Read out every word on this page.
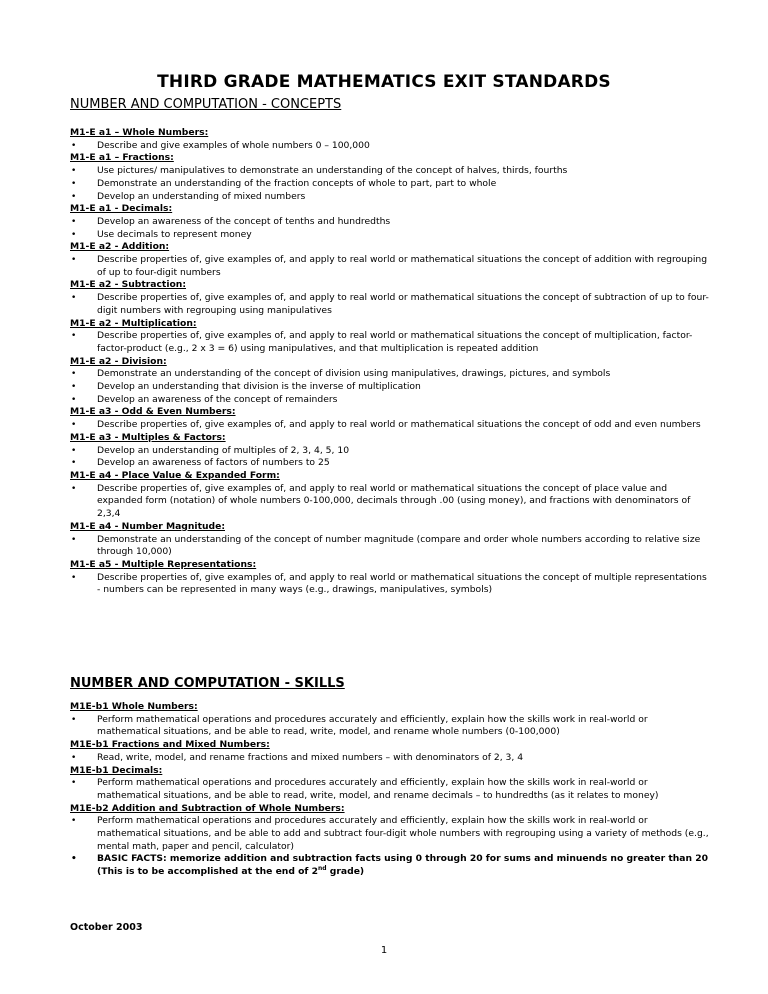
THIRD GRADE MATHEMATICS EXIT STANDARDS
NUMBER AND COMPUTATION - CONCEPTS
M1-E a1 – Whole Numbers:
• Describe and give examples of whole numbers 0 – 100,000
M1-E a1 – Fractions:
• Use pictures/ manipulatives to demonstrate an understanding of the concept of halves, thirds, fourths
• Demonstrate an understanding of the fraction concepts of whole to part, part to whole
• Develop an understanding of mixed numbers
M1-E a1 - Decimals:
• Develop an awareness of the concept of tenths and hundredths
• Use decimals to represent money
M1-E a2 - Addition:
• Describe properties of, give examples of, and apply to real world or mathematical situations the concept of addition with regrouping of up to four-digit numbers
M1-E a2 - Subtraction:
• Describe properties of, give examples of, and apply to real world or mathematical situations the concept of subtraction of up to four-digit numbers with regrouping using manipulatives
M1-E a2 - Multiplication:
• Describe properties of, give examples of, and apply to real world or mathematical situations the concept of multiplication, factor-factor-product (e.g., 2 x 3 = 6) using manipulatives, and that multiplication is repeated addition
M1-E a2 - Division:
• Demonstrate an understanding of the concept of division using manipulatives, drawings, pictures, and symbols
• Develop an understanding that division is the inverse of multiplication
• Develop an awareness of the concept of remainders
M1-E a3 - Odd & Even Numbers:
• Describe properties of, give examples of, and apply to real world or mathematical situations the concept of odd and even numbers
M1-E a3 - Multiples & Factors:
• Develop an understanding of multiples of 2, 3, 4, 5, 10
• Develop an awareness of factors of numbers to 25
M1-E a4 - Place Value & Expanded Form:
• Describe properties of, give examples of, and apply to real world or mathematical situations the concept of place value and expanded form (notation) of whole numbers 0-100,000, decimals through .00 (using money), and fractions with denominators of 2,3,4
M1-E a4 - Number Magnitude:
• Demonstrate an understanding of the concept of number magnitude (compare and order whole numbers according to relative size through 10,000)
M1-E a5 - Multiple Representations:
• Describe properties of, give examples of, and apply to real world or mathematical situations the concept of multiple representations - numbers can be represented in many ways (e.g., drawings, manipulatives, symbols)
NUMBER AND COMPUTATION - SKILLS
M1E-b1 Whole Numbers:
• Perform mathematical operations and procedures accurately and efficiently, explain how the skills work in real-world or mathematical situations, and be able to read, write, model, and rename whole numbers (0-100,000)
M1E-b1 Fractions and Mixed Numbers:
• Read, write, model, and rename fractions and mixed numbers – with denominators of 2, 3, 4
M1E-b1 Decimals:
• Perform mathematical operations and procedures accurately and efficiently, explain how the skills work in real-world or mathematical situations, and be able to read, write, model, and rename decimals – to hundredths (as it relates to money)
M1E-b2 Addition and Subtraction of Whole Numbers:
• Perform mathematical operations and procedures accurately and efficiently, explain how the skills work in real-world or mathematical situations, and be able to add and subtract four-digit whole numbers with regrouping using a variety of methods (e.g., mental math, paper and pencil, calculator)
• BASIC FACTS: memorize addition and subtraction facts using 0 through 20 for sums and minuends no greater than 20 (This is to be accomplished at the end of 2nd grade)
October 2003
1
